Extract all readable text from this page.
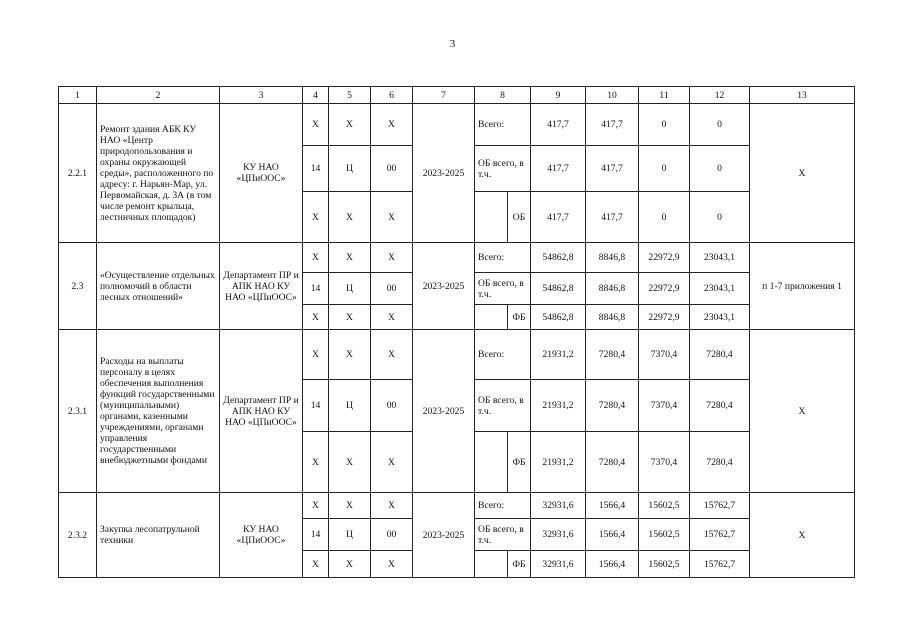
3
1	2	3	4	5	6	7	8	9	10	11	12	13
2.2.1	Ремонт здания АБК КУ НАО «Центр природопользования и охраны окружающей среды», расположенного по адресу: г. Нарьян-Мар, ул. Первомайская, д. 3А (в том числе ремонт крыльца, лестничных площадок)	КУ НАО «ЦПиООС»	Х	Х	Х	2023-2025	Всего:	417,7	417,7	0	0	Х
			14	Ц	00		ОБ всего, в т.ч.	417,7	417,7	0	0	
			Х	Х	Х		ОБ	417,7	417,7	0	0	
2.3	«Осуществление отдельных полномочий в области лесных отношений»	Департамент ПР и АПК НАО КУ НАО «ЦПиООС»	Х	Х	Х	2023-2025	Всего:	54862,8	8846,8	22972,9	23043,1	п 1-7 приложения 1
			14	Ц	00		ОБ всего, в т.ч.	54862,8	8846,8	22972,9	23043,1	
			Х	Х	Х		ФБ	54862,8	8846,8	22972,9	23043,1	
2.3.1	Расходы на выплаты персоналу в целях обеспечения выполнения функций государственными (муниципальными) органами, казенными учреждениями, органами управления государственными внебюджетными фондами	Департамент ПР и АПК НАО КУ НАО «ЦПиООС»	Х	Х	Х	2023-2025	Всего:	21931,2	7280,4	7370,4	7280,4	Х
			14	Ц	00		ОБ всего, в т.ч.	21931,2	7280,4	7370,4	7280,4	
			Х	Х	Х		ФБ	21931,2	7280,4	7370,4	7280,4	
2.3.2	Закупка лесопатрульной техники	КУ НАО «ЦПиООС»	Х	Х	Х	2023-2025	Всего:	32931,6	1566,4	15602,5	15762,7	Х
			14	Ц	00		ОБ всего, в т.ч.	32931,6	1566,4	15602,5	15762,7	
			Х	Х	Х		ФБ	32931,6	1566,4	15602,5	15762,7	
